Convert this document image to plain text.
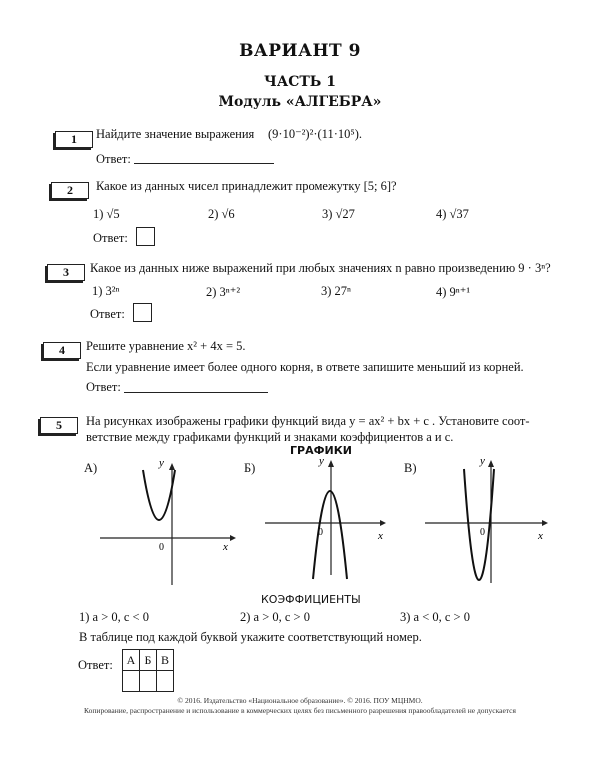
ВАРИАНТ 9
ЧАСТЬ 1
Модуль «АЛГЕБРА»
1	Найдите значение выражения (9·10⁻²)²·(11·10⁵).
Ответ:
2	Какое из данных чисел принадлежит промежутку [5; 6]?
1) √5	2) √6	3) √27	4) √37
Ответ:
3	Какое из данных ниже выражений при любых значениях n равно произведению 9 · 3ⁿ?
1) 3²ⁿ	2) 3ⁿ⁺²	3) 27ⁿ	4) 9ⁿ⁺¹
Ответ:
4	Решите уравнение x² + 4x = 5.
Если уравнение имеет более одного корня, в ответе запишите меньший из корней.
Ответ:
5	На рисунках изображены графики функций вида y = ax² + bx + c . Установите соот-
ветствие между графиками функций и знаками коэффициентов a и c.
ГРАФИКИ
А)	y
x
0
Б)	y
x
0
В)	y
x
0
КОЭФФИЦИЕНТЫ
1) a > 0, c < 0	2) a > 0, c > 0	3) a < 0, c > 0
В таблице под каждой буквой укажите соответствующий номер.
Ответ: А	Б	В

© 2016. Издательство «Национальное образование». © 2016. ПОУ МЦНМО.
Копирование, распространение и использование в коммерческих целях без письменного разрешения правообладателей не допускается
